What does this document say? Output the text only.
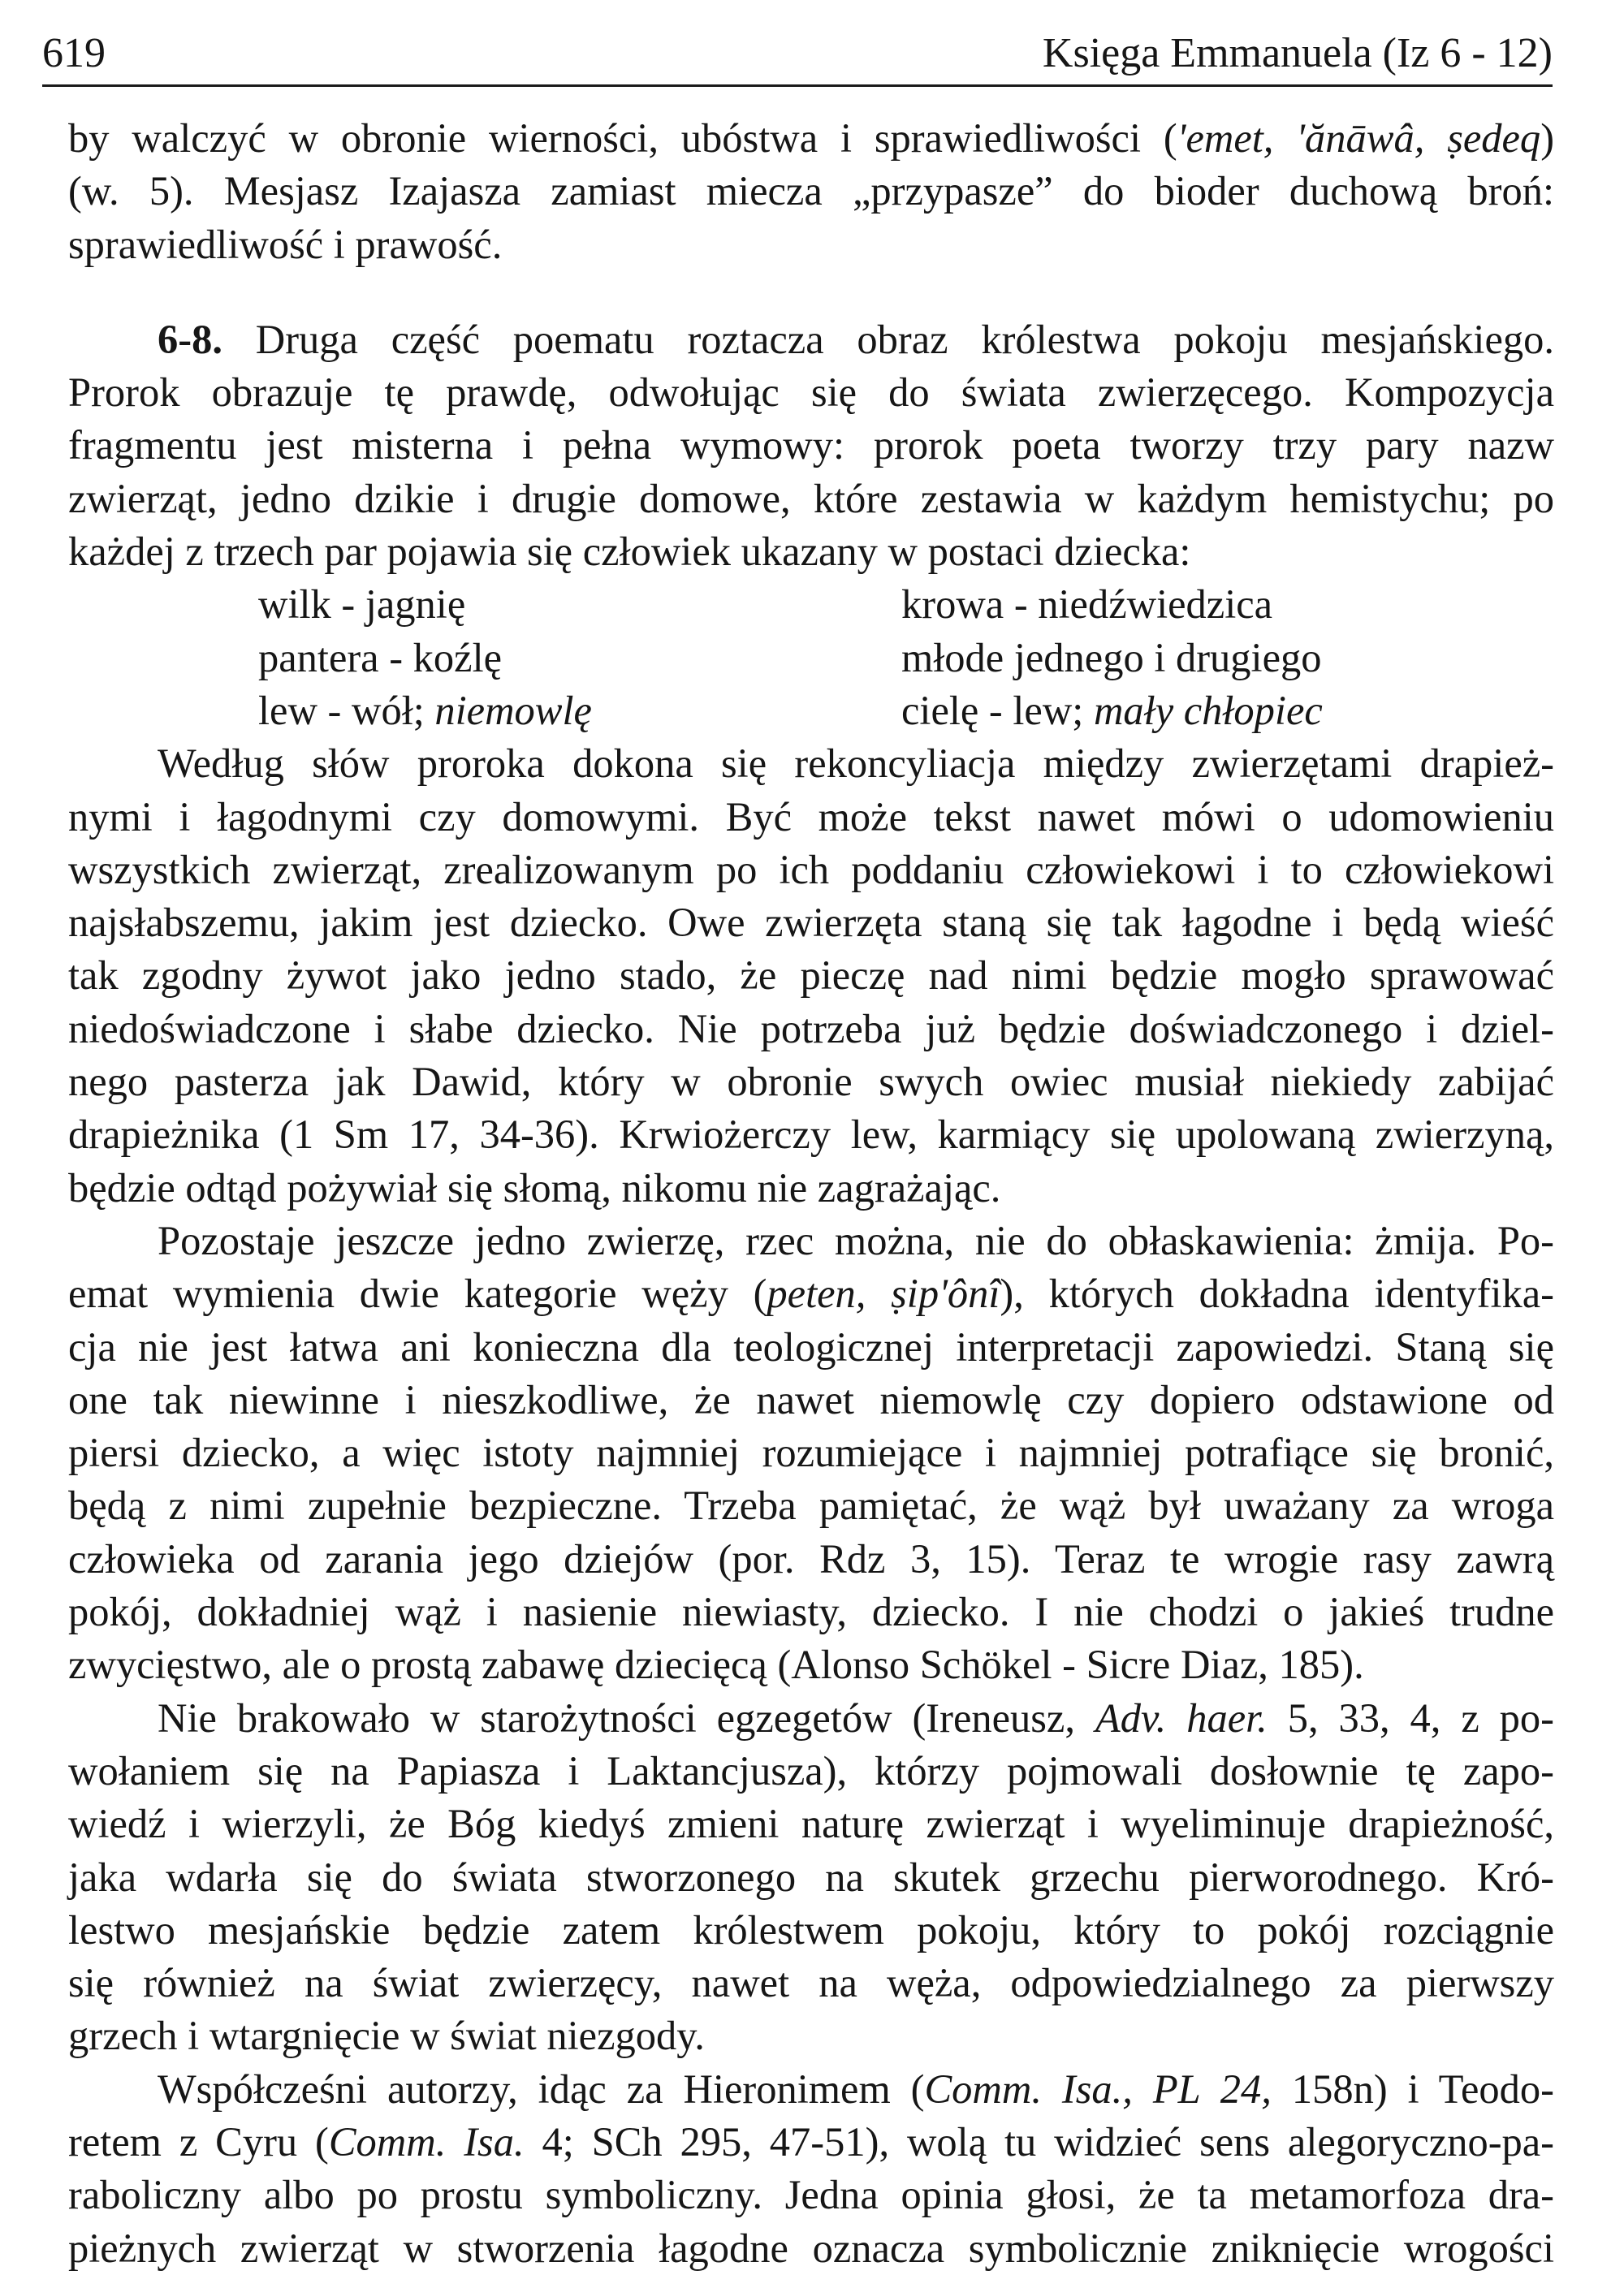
619	Księga Emmanuela (Iz 6 - 12)
by walczyć w obronie wierności, ubóstwa i sprawiedliwości ('emet, 'ănāwâ, ṣedeq)
(w. 5). Mesjasz Izajasza zamiast miecza „przypasze” do bioder duchową broń:
sprawiedliwość i prawość.
6-8. Druga część poematu roztacza obraz królestwa pokoju mesjańskiego.
Prorok obrazuje tę prawdę, odwołując się do świata zwierzęcego. Kompozycja
fragmentu jest misterna i pełna wymowy: prorok poeta tworzy trzy pary nazw
zwierząt, jedno dzikie i drugie domowe, które zestawia w każdym hemistychu; po
każdej z trzech par pojawia się człowiek ukazany w postaci dziecka:
wilk - jagnię	krowa - niedźwiedzica
pantera - koźlę	młode jednego i drugiego
lew - wół; niemowlę	cielę - lew; mały chłopiec
Według słów proroka dokona się rekoncyliacja między zwierzętami drapież-
nymi i łagodnymi czy domowymi. Być może tekst nawet mówi o udomowieniu
wszystkich zwierząt, zrealizowanym po ich poddaniu człowiekowi i to człowiekowi
najsłabszemu, jakim jest dziecko. Owe zwierzęta staną się tak łagodne i będą wieść
tak zgodny żywot jako jedno stado, że pieczę nad nimi będzie mogło sprawować
niedoświadczone i słabe dziecko. Nie potrzeba już będzie doświadczonego i dziel-
nego pasterza jak Dawid, który w obronie swych owiec musiał niekiedy zabijać
drapieżnika (1 Sm 17, 34-36). Krwiożerczy lew, karmiący się upolowaną zwierzyną,
będzie odtąd pożywiał się słomą, nikomu nie zagrażając.
Pozostaje jeszcze jedno zwierzę, rzec można, nie do obłaskawienia: żmija. Po-
emat wymienia dwie kategorie węży (peten, ṣip'ônî), których dokładna identyfika-
cja nie jest łatwa ani konieczna dla teologicznej interpretacji zapowiedzi. Staną się
one tak niewinne i nieszkodliwe, że nawet niemowlę czy dopiero odstawione od
piersi dziecko, a więc istoty najmniej rozumiejące i najmniej potrafiące się bronić,
będą z nimi zupełnie bezpieczne. Trzeba pamiętać, że wąż był uważany za wroga
człowieka od zarania jego dziejów (por. Rdz 3, 15). Teraz te wrogie rasy zawrą
pokój, dokładniej wąż i nasienie niewiasty, dziecko. I nie chodzi o jakieś trudne
zwycięstwo, ale o prostą zabawę dziecięcą (Alonso Schökel - Sicre Diaz, 185).
Nie brakowało w starożytności egzegetów (Ireneusz, Adv. haer. 5, 33, 4, z po-
wołaniem się na Papiasza i Laktancjusza), którzy pojmowali dosłownie tę zapo-
wiedź i wierzyli, że Bóg kiedyś zmieni naturę zwierząt i wyeliminuje drapieżność,
jaka wdarła się do świata stworzonego na skutek grzechu pierworodnego. Kró-
lestwo mesjańskie będzie zatem królestwem pokoju, który to pokój rozciągnie
się również na świat zwierzęcy, nawet na węża, odpowiedzialnego za pierwszy
grzech i wtargnięcie w świat niezgody.
Współcześni autorzy, idąc za Hieronimem (Comm. Isa., PL 24, 158n) i Teodo-
retem z Cyru (Comm. Isa. 4; SCh 295, 47-51), wolą tu widzieć sens alegoryczno-pa-
raboliczny albo po prostu symboliczny. Jedna opinia głosi, że ta metamorfoza dra-
pieżnych zwierząt w stworzenia łagodne oznacza symbolicznie zniknięcie wrogości
